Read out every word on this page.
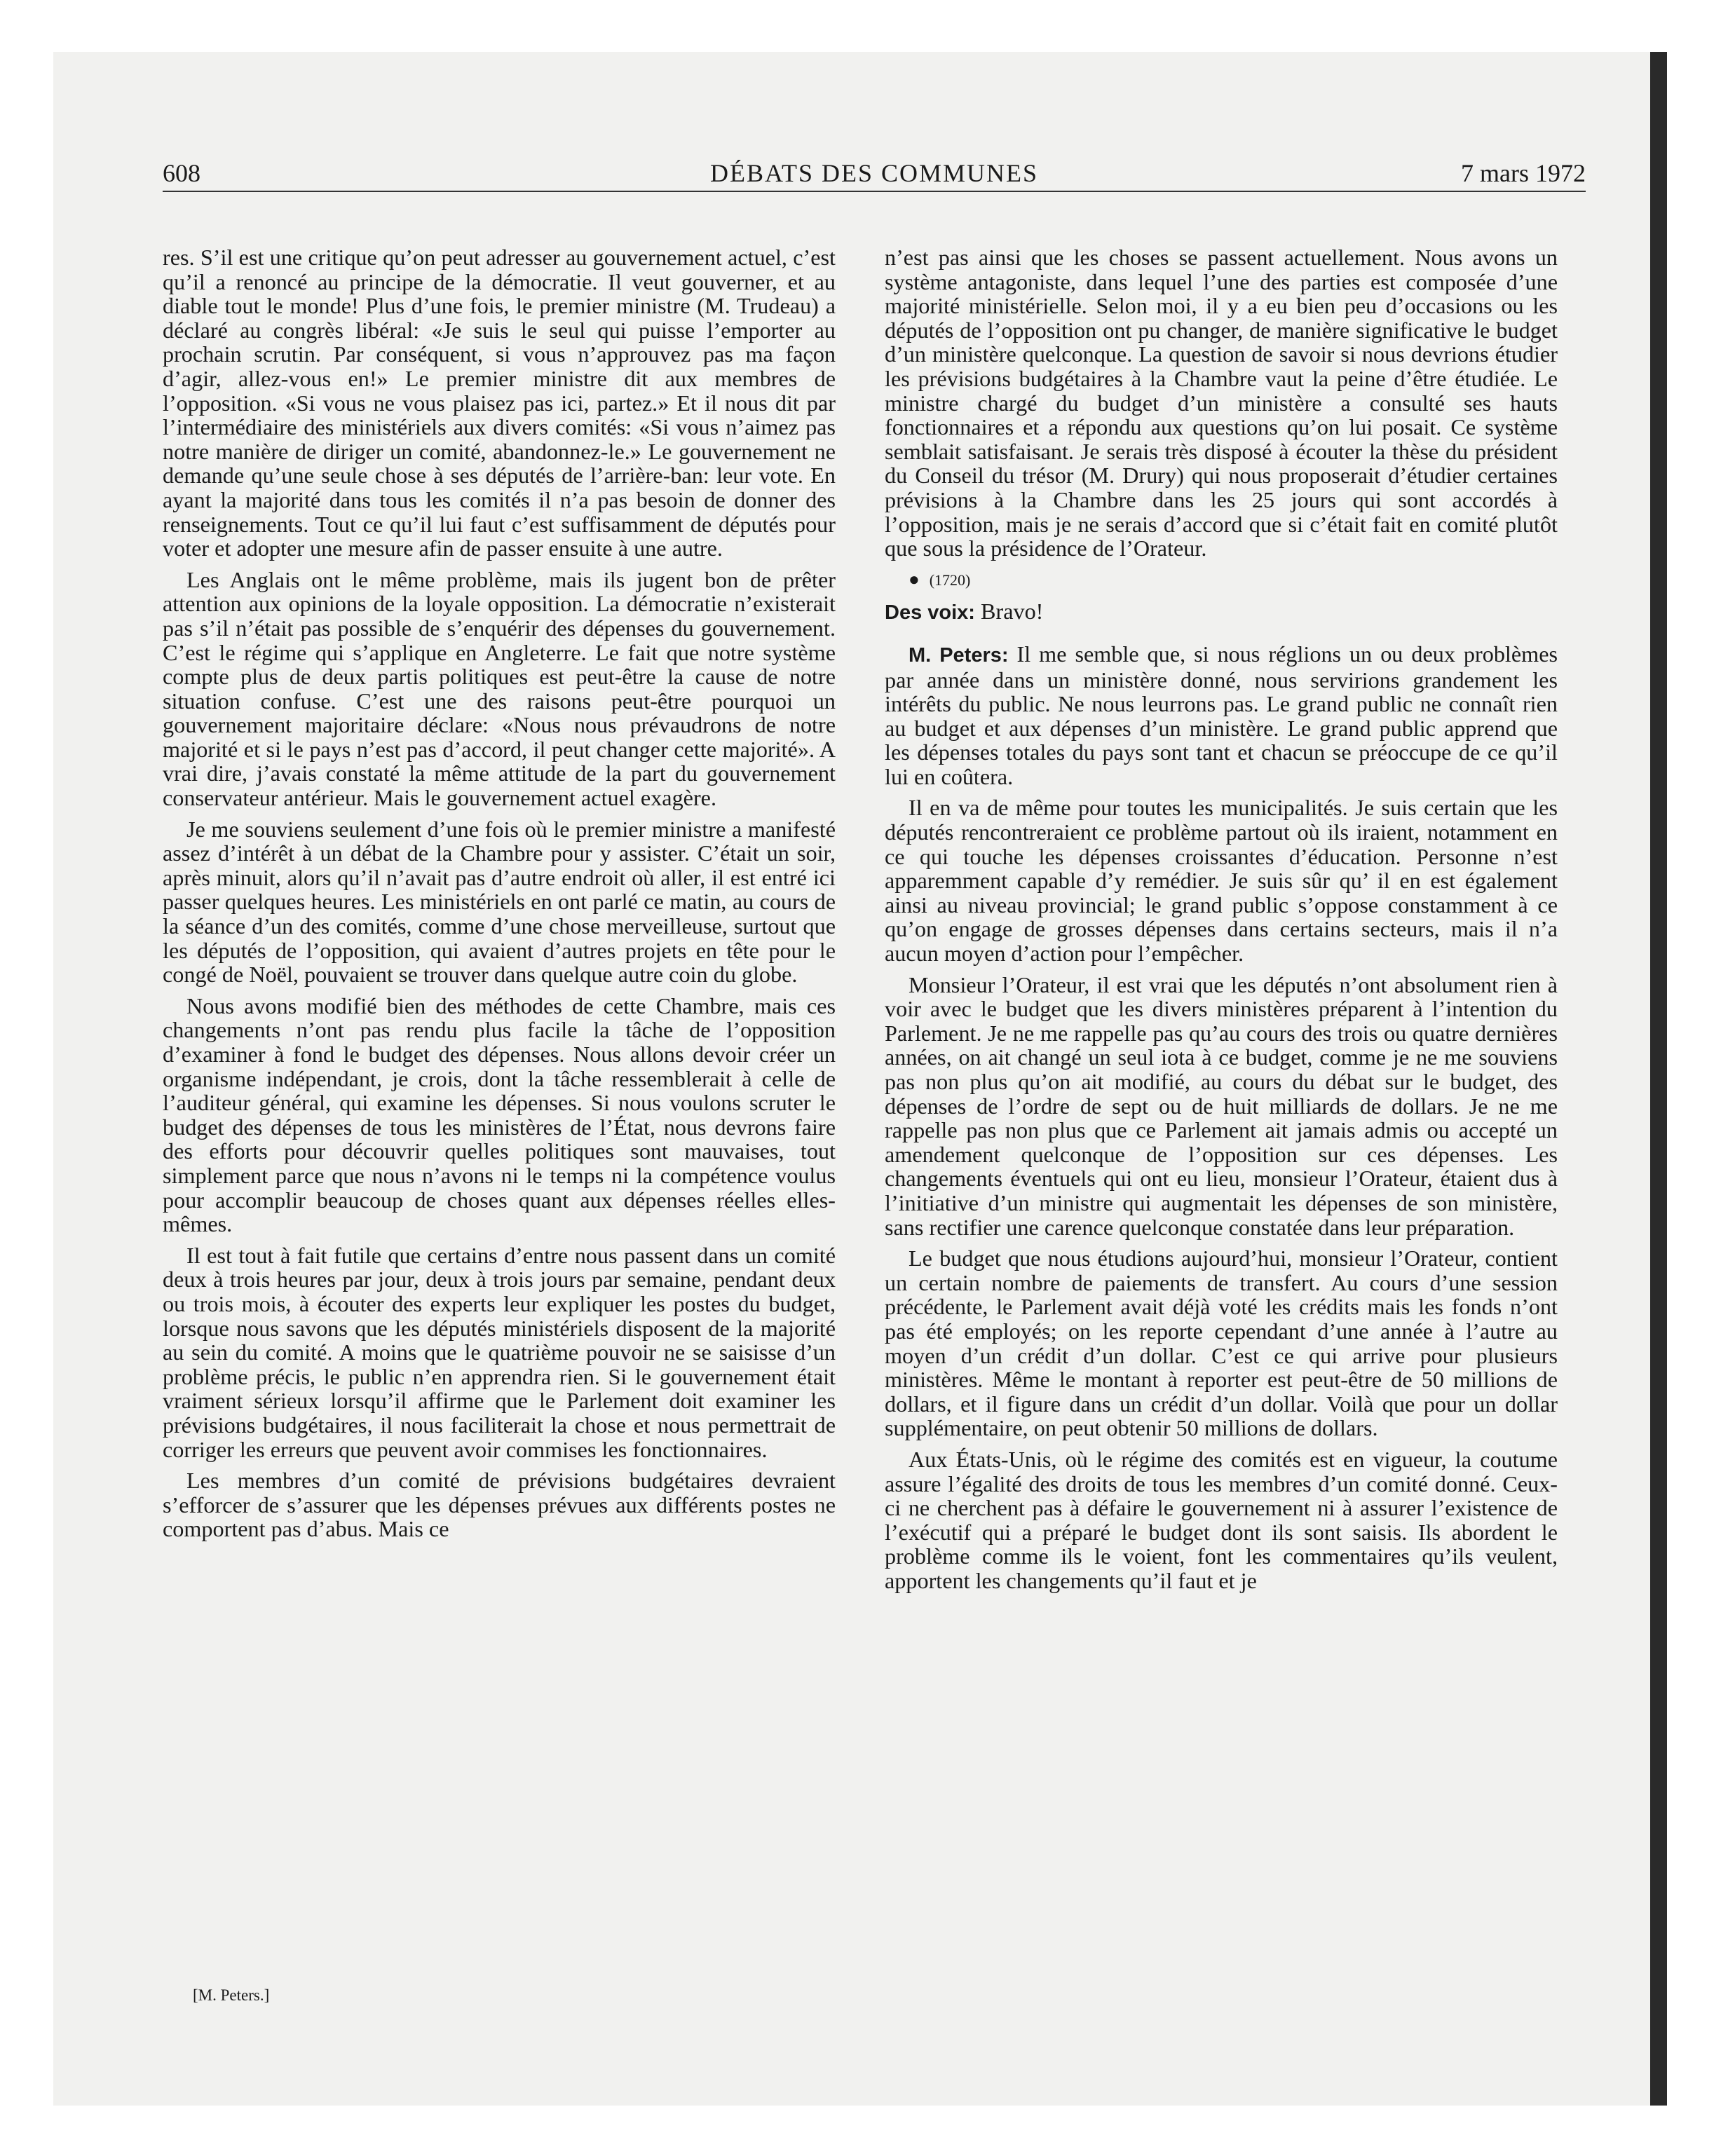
608	DÉBATS DES COMMUNES	7 mars 1972

res. S’il est une critique qu’on peut adresser au gouvernement actuel, c’est qu’il a renoncé au principe de la démocratie. Il veut gouverner, et au diable tout le monde! Plus d’une fois, le premier ministre (M. Trudeau) a déclaré au congrès libéral: «Je suis le seul qui puisse l’emporter au prochain scrutin. Par conséquent, si vous n’approuvez pas ma façon d’agir, allez-vous en!» Le premier ministre dit aux membres de l’opposition. «Si vous ne vous plaisez pas ici, partez.» Et il nous dit par l’intermédiaire des ministériels aux divers comités: «Si vous n’aimez pas notre manière de diriger un comité, abandonnez-le.» Le gouvernement ne demande qu’une seule chose à ses députés de l’arrière-ban: leur vote. En ayant la majorité dans tous les comités il n’a pas besoin de donner des renseignements. Tout ce qu’il lui faut c’est suffisamment de députés pour voter et adopter une mesure afin de passer ensuite à une autre.

Les Anglais ont le même problème, mais ils jugent bon de prêter attention aux opinions de la loyale opposition. La démocratie n’existerait pas s’il n’était pas possible de s’enquérir des dépenses du gouvernement. C’est le régime qui s’applique en Angleterre. Le fait que notre système compte plus de deux partis politiques est peut-être la cause de notre situation confuse. C’est une des raisons peut-être pourquoi un gouvernement majoritaire déclare: «Nous nous prévaudrons de notre majorité et si le pays n’est pas d’accord, il peut changer cette majorité». A vrai dire, j’avais constaté la même attitude de la part du gouvernement conservateur antérieur. Mais le gouvernement actuel exagère.

Je me souviens seulement d’une fois où le premier ministre a manifesté assez d’intérêt à un débat de la Chambre pour y assister. C’était un soir, après minuit, alors qu’il n’avait pas d’autre endroit où aller, il est entré ici passer quelques heures. Les ministériels en ont parlé ce matin, au cours de la séance d’un des comités, comme d’une chose merveilleuse, surtout que les députés de l’opposition, qui avaient d’autres projets en tête pour le congé de Noël, pouvaient se trouver dans quelque autre coin du globe.

Nous avons modifié bien des méthodes de cette Chambre, mais ces changements n’ont pas rendu plus facile la tâche de l’opposition d’examiner à fond le budget des dépenses. Nous allons devoir créer un organisme indépendant, je crois, dont la tâche ressemblerait à celle de l’auditeur général, qui examine les dépenses. Si nous voulons scruter le budget des dépenses de tous les ministères de l’État, nous devrons faire des efforts pour découvrir quelles politiques sont mauvaises, tout simplement parce que nous n’avons ni le temps ni la compétence voulus pour accomplir beaucoup de choses quant aux dépenses réelles elles-mêmes.

Il est tout à fait futile que certains d’entre nous passent dans un comité deux à trois heures par jour, deux à trois jours par semaine, pendant deux ou trois mois, à écouter des experts leur expliquer les postes du budget, lorsque nous savons que les députés ministériels disposent de la majorité au sein du comité. A moins que le quatrième pouvoir ne se saisisse d’un problème précis, le public n’en apprendra rien. Si le gouvernement était vraiment sérieux lorsqu’il affirme que le Parlement doit examiner les prévisions budgétaires, il nous faciliterait la chose et nous permettrait de corriger les erreurs que peuvent avoir commises les fonctionnaires.

Les membres d’un comité de prévisions budgétaires devraient s’efforcer de s’assurer que les dépenses prévues aux différents postes ne comportent pas d’abus. Mais ce

[M. Peters.]

n’est pas ainsi que les choses se passent actuellement. Nous avons un système antagoniste, dans lequel l’une des parties est composée d’une majorité ministérielle. Selon moi, il y a eu bien peu d’occasions ou les députés de l’opposition ont pu changer, de manière significative le budget d’un ministère quelconque. La question de savoir si nous devrions étudier les prévisions budgétaires à la Chambre vaut la peine d’être étudiée. Le ministre chargé du budget d’un ministère a consulté ses hauts fonctionnaires et a répondu aux questions qu’on lui posait. Ce système semblait satisfaisant. Je serais très disposé à écouter la thèse du président du Conseil du trésor (M. Drury) qui nous proposerait d’étudier certaines prévisions à la Chambre dans les 25 jours qui sont accordés à l’opposition, mais je ne serais d’accord que si c’était fait en comité plutôt que sous la présidence de l’Orateur.

● (1720)

Des voix: Bravo!

M. Peters: Il me semble que, si nous réglions un ou deux problèmes par année dans un ministère donné, nous servirions grandement les intérêts du public. Ne nous leurrons pas. Le grand public ne connaît rien au budget et aux dépenses d’un ministère. Le grand public apprend que les dépenses totales du pays sont tant et chacun se préoccupe de ce qu’il lui en coûtera.

Il en va de même pour toutes les municipalités. Je suis certain que les députés rencontreraient ce problème partout où ils iraient, notamment en ce qui touche les dépenses croissantes d’éducation. Personne n’est apparemment capable d’y remédier. Je suis sûr qu’ il en est également ainsi au niveau provincial; le grand public s’oppose constamment à ce qu’on engage de grosses dépenses dans certains secteurs, mais il n’a aucun moyen d’action pour l’empêcher.

Monsieur l’Orateur, il est vrai que les députés n’ont absolument rien à voir avec le budget que les divers ministères préparent à l’intention du Parlement. Je ne me rappelle pas qu’au cours des trois ou quatre dernières années, on ait changé un seul iota à ce budget, comme je ne me souviens pas non plus qu’on ait modifié, au cours du débat sur le budget, des dépenses de l’ordre de sept ou de huit milliards de dollars. Je ne me rappelle pas non plus que ce Parlement ait jamais admis ou accepté un amendement quelconque de l’opposition sur ces dépenses. Les changements éventuels qui ont eu lieu, monsieur l’Orateur, étaient dus à l’initiative d’un ministre qui augmentait les dépenses de son ministère, sans rectifier une carence quelconque constatée dans leur préparation.

Le budget que nous étudions aujourd’hui, monsieur l’Orateur, contient un certain nombre de paiements de transfert. Au cours d’une session précédente, le Parlement avait déjà voté les crédits mais les fonds n’ont pas été employés; on les reporte cependant d’une année à l’autre au moyen d’un crédit d’un dollar. C’est ce qui arrive pour plusieurs ministères. Même le montant à reporter est peut-être de 50 millions de dollars, et il figure dans un crédit d’un dollar. Voilà que pour un dollar supplémentaire, on peut obtenir 50 millions de dollars.

Aux États-Unis, où le régime des comités est en vigueur, la coutume assure l’égalité des droits de tous les membres d’un comité donné. Ceux-ci ne cherchent pas à défaire le gouvernement ni à assurer l’existence de l’exécutif qui a préparé le budget dont ils sont saisis. Ils abordent le problème comme ils le voient, font les commentaires qu’ils veulent, apportent les changements qu’il faut et je
